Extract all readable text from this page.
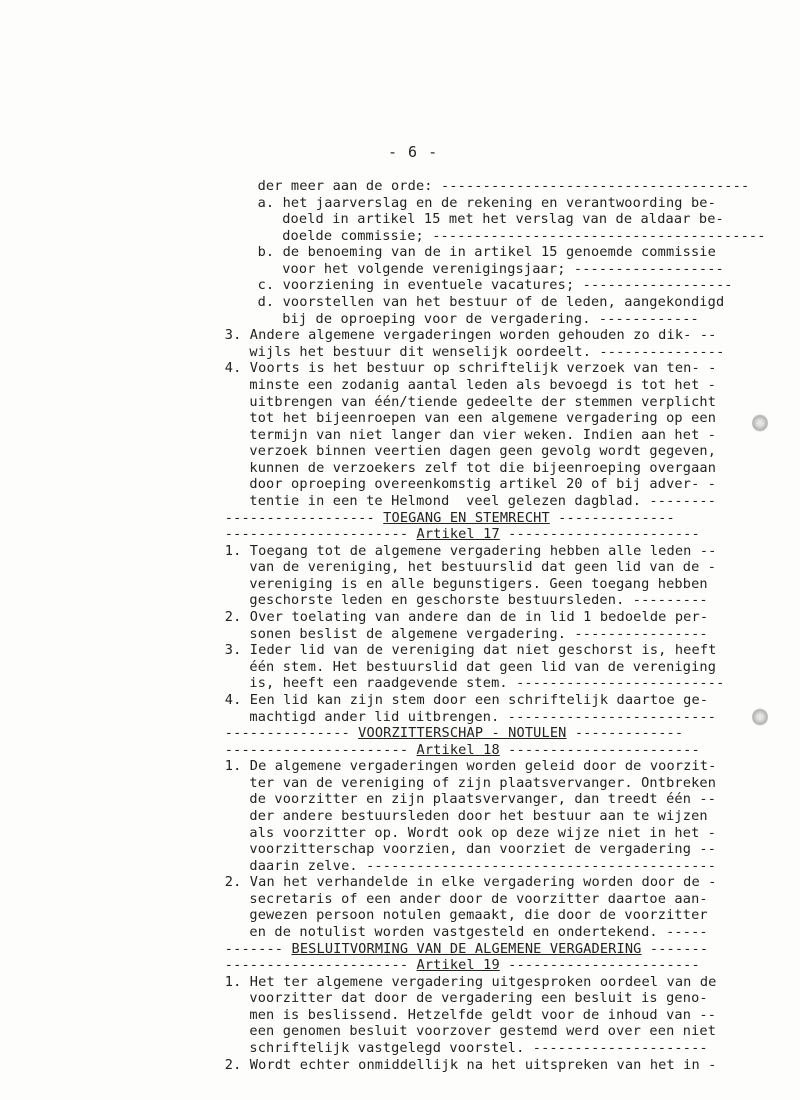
- 6 -
der meer aan de orde: -------------------------------------
a. het jaarverslag en de rekening en verantwoording be-
doeld in artikel 15 met het verslag van de aldaar be-
doelde commissie; ----------------------------------------
b. de benoeming van de in artikel 15 genoemde commissie
voor het volgende verenigingsjaar; ------------------
c. voorziening in eventuele vacatures; ------------------
d. voorstellen van het bestuur of de leden, aangekondigd
bij de oproeping voor de vergadering. ------------
3. Andere algemene vergaderingen worden gehouden zo dik- --
wijls het bestuur dit wenselijk oordeelt. ---------------
4. Voorts is het bestuur op schriftelijk verzoek van ten- -
minste een zodanig aantal leden als bevoegd is tot het -
uitbrengen van één/tiende gedeelte der stemmen verplicht
tot het bijeenroepen van een algemene vergadering op een
termijn van niet langer dan vier weken. Indien aan het -
verzoek binnen veertien dagen geen gevolg wordt gegeven,
kunnen de verzoekers zelf tot die bijeenroeping overgaan
door oproeping overeenkomstig artikel 20 of bij adver- -
tentie in een te Helmond  veel gelezen dagblad. --------
------------------ TOEGANG EN STEMRECHT --------------
---------------------- Artikel 17 -----------------------
1. Toegang tot de algemene vergadering hebben alle leden --
van de vereniging, het bestuurslid dat geen lid van de -
vereniging is en alle begunstigers. Geen toegang hebben
geschorste leden en geschorste bestuursleden. ---------
2. Over toelating van andere dan de in lid 1 bedoelde per-
sonen beslist de algemene vergadering. ----------------
3. Ieder lid van de vereniging dat niet geschorst is, heeft
één stem. Het bestuurslid dat geen lid van de vereniging
is, heeft een raadgevende stem. -------------------------
4. Een lid kan zijn stem door een schriftelijk daartoe ge-
machtigd ander lid uitbrengen. -------------------------
--------------- VOORZITTERSCHAP - NOTULEN -------------
---------------------- Artikel 18 -----------------------
1. De algemene vergaderingen worden geleid door de voorzit-
ter van de vereniging of zijn plaatsvervanger. Ontbreken
de voorzitter en zijn plaatsvervanger, dan treedt één --
der andere bestuursleden door het bestuur aan te wijzen
als voorzitter op. Wordt ook op deze wijze niet in het -
voorzitterschap voorzien, dan voorziet de vergadering --
daarin zelve. ------------------------------------------
2. Van het verhandelde in elke vergadering worden door de -
secretaris of een ander door de voorzitter daartoe aan-
gewezen persoon notulen gemaakt, die door de voorzitter
en de notulist worden vastgesteld en ondertekend. -----
------- BESLUITVORMING VAN DE ALGEMENE VERGADERING -------
---------------------- Artikel 19 -----------------------
1. Het ter algemene vergadering uitgesproken oordeel van de
voorzitter dat door de vergadering een besluit is geno-
men is beslissend. Hetzelfde geldt voor de inhoud van --
een genomen besluit voorzover gestemd werd over een niet
schriftelijk vastgelegd voorstel. ---------------------
2. Wordt echter onmiddellijk na het uitspreken van het in -
